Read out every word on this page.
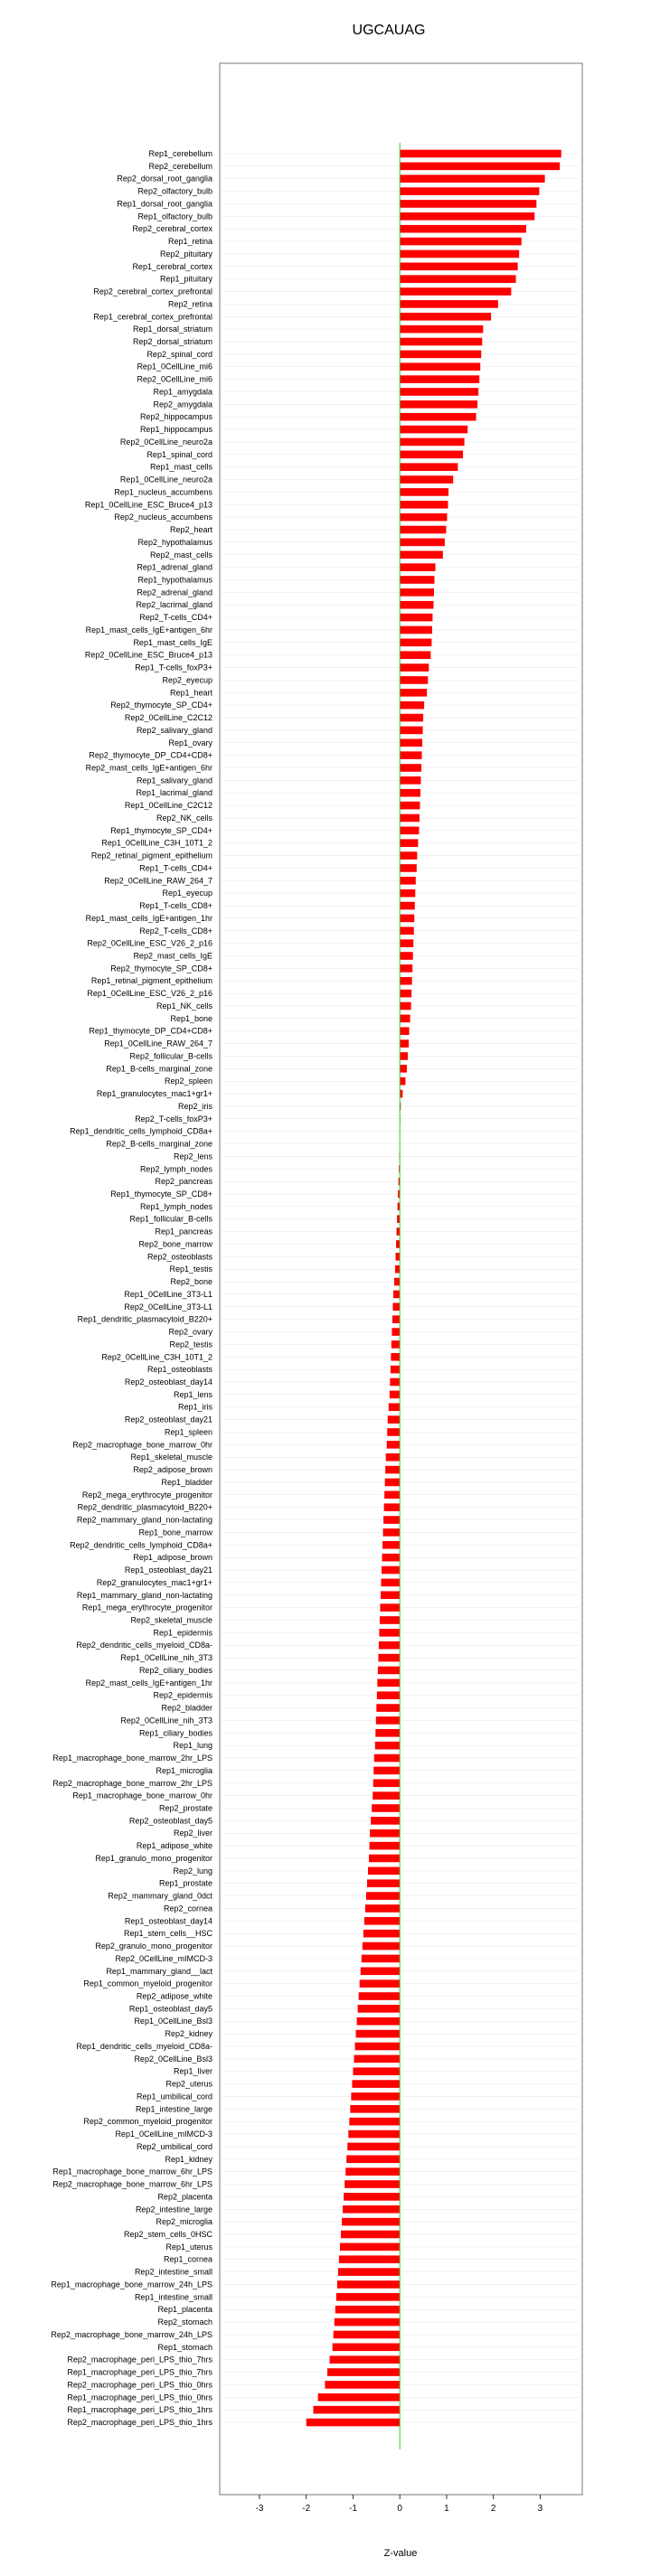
UGCAUAG
Rep1_cerebellum
Rep2_cerebellum
Rep2_dorsal_root_ganglia
Rep2_olfactory_bulb
Rep1_dorsal_root_ganglia
Rep1_olfactory_bulb
Rep2_cerebral_cortex
Rep1_retina
Rep2_pituitary
Rep1_cerebral_cortex
Rep1_pituitary
Rep2_cerebral_cortex_prefrontal
Rep2_retina
Rep1_cerebral_cortex_prefrontal
Rep1_dorsal_striatum
Rep2_dorsal_striatum
Rep2_spinal_cord
Rep1_0CellLine_mi6
Rep2_0CellLine_mi6
Rep1_amygdala
Rep2_amygdala
Rep2_hippocampus
Rep1_hippocampus
Rep2_0CellLine_neuro2a
Rep1_spinal_cord
Rep1_mast_cells
Rep1_0CellLine_neuro2a
Rep1_nucleus_accumbens
Rep1_0CellLine_ESC_Bruce4_p13
Rep2_nucleus_accumbens
Rep2_heart
Rep2_hypothalamus
Rep2_mast_cells
Rep1_adrenal_gland
Rep1_hypothalamus
Rep2_adrenal_gland
Rep2_lacrimal_gland
Rep2_T-cells_CD4+
Rep1_mast_cells_IgE+antigen_6hr
Rep1_mast_cells_IgE
Rep2_0CellLine_ESC_Bruce4_p13
Rep1_T-cells_foxP3+
Rep2_eyecup
Rep1_heart
Rep2_thymocyte_SP_CD4+
Rep2_0CellLine_C2C12
Rep2_salivary_gland
Rep1_ovary
Rep2_thymocyte_DP_CD4+CD8+
Rep2_mast_cells_IgE+antigen_6hr
Rep1_salivary_gland
Rep1_lacrimal_gland
Rep1_0CellLine_C2C12
Rep2_NK_cells
Rep1_thymocyte_SP_CD4+
Rep1_0CellLine_C3H_10T1_2
Rep2_retinal_pigment_epithelium
Rep1_T-cells_CD4+
Rep2_0CellLine_RAW_264_7
Rep1_eyecup
Rep1_T-cells_CD8+
Rep1_mast_cells_IgE+antigen_1hr
Rep2_T-cells_CD8+
Rep2_0CellLine_ESC_V26_2_p16
Rep2_mast_cells_IgE
Rep2_thymocyte_SP_CD8+
Rep1_retinal_pigment_epithelium
Rep1_0CellLine_ESC_V26_2_p16
Rep1_NK_cells
Rep1_bone
Rep1_thymocyte_DP_CD4+CD8+
Rep1_0CellLine_RAW_264_7
Rep2_follicular_B-cells
Rep1_B-cells_marginal_zone
Rep2_spleen
Rep1_granulocytes_mac1+gr1+
Rep2_iris
Rep2_T-cells_foxP3+
Rep1_dendritic_cells_lymphoid_CD8a+
Rep2_B-cells_marginal_zone
Rep2_lens
Rep2_lymph_nodes
Rep2_pancreas
Rep1_thymocyte_SP_CD8+
Rep1_lymph_nodes
Rep1_follicular_B-cells
Rep1_pancreas
Rep2_bone_marrow
Rep2_osteoblasts
Rep1_testis
Rep2_bone
Rep1_0CellLine_3T3-L1
Rep2_0CellLine_3T3-L1
Rep1_dendritic_plasmacytoid_B220+
Rep2_ovary
Rep2_testis
Rep2_0CellLine_C3H_10T1_2
Rep1_osteoblasts
Rep2_osteoblast_day14
Rep1_lens
Rep1_iris
Rep2_osteoblast_day21
Rep1_spleen
Rep2_macrophage_bone_marrow_0hr
Rep1_skeletal_muscle
Rep2_adipose_brown
Rep1_bladder
Rep2_mega_erythrocyte_progenitor
Rep2_dendritic_plasmacytoid_B220+
Rep2_mammary_gland_non-lactating
Rep1_bone_marrow
Rep2_dendritic_cells_lymphoid_CD8a+
Rep1_adipose_brown
Rep1_osteoblast_day21
Rep2_granulocytes_mac1+gr1+
Rep1_mammary_gland_non-lactating
Rep1_mega_erythrocyte_progenitor
Rep2_skeletal_muscle
Rep1_epidermis
Rep2_dendritic_cells_myeloid_CD8a-
Rep1_0CellLine_nih_3T3
Rep2_ciliary_bodies
Rep2_mast_cells_IgE+antigen_1hr
Rep2_epidermis
Rep2_bladder
Rep2_0CellLine_nih_3T3
Rep1_ciliary_bodies
Rep1_lung
Rep1_macrophage_bone_marrow_2hr_LPS
Rep1_microglia
Rep2_macrophage_bone_marrow_2hr_LPS
Rep1_macrophage_bone_marrow_0hr
Rep2_prostate
Rep2_osteoblast_day5
Rep2_liver
Rep1_adipose_white
Rep1_granulo_mono_progenitor
Rep2_lung
Rep1_prostate
Rep2_mammary_gland_0dct
Rep2_cornea
Rep1_osteoblast_day14
Rep1_stem_cells__HSC
Rep2_granulo_mono_progenitor
Rep2_0CellLine_mIMCD-3
Rep1_mammary_gland__lact
Rep1_common_myeloid_progenitor
Rep2_adipose_white
Rep1_osteoblast_day5
Rep1_0CellLine_Bsl3
Rep2_kidney
Rep1_dendritic_cells_myeloid_CD8a-
Rep2_0CellLine_Bsl3
Rep1_liver
Rep2_uterus
Rep1_umbilical_cord
Rep1_intestine_large
Rep2_common_myeloid_progenitor
Rep1_0CellLine_mIMCD-3
Rep2_umbilical_cord
Rep1_kidney
Rep1_macrophage_bone_marrow_6hr_LPS
Rep2_macrophage_bone_marrow_6hr_LPS
Rep2_placenta
Rep2_intestine_large
Rep2_microglia
Rep2_stem_cells_0HSC
Rep1_uterus
Rep1_cornea
Rep2_intestine_small
Rep1_macrophage_bone_marrow_24h_LPS
Rep1_intestine_small
Rep1_placenta
Rep2_stomach
Rep2_macrophage_bone_marrow_24h_LPS
Rep1_stomach
Rep2_macrophage_peri_LPS_thio_7hrs
Rep1_macrophage_peri_LPS_thio_7hrs
Rep2_macrophage_peri_LPS_thio_0hrs
Rep1_macrophage_peri_LPS_thio_0hrs
Rep1_macrophage_peri_LPS_thio_1hrs
Rep2_macrophage_peri_LPS_thio_1hrs
-3	-2	-1	0	1	2	3
Z-value
